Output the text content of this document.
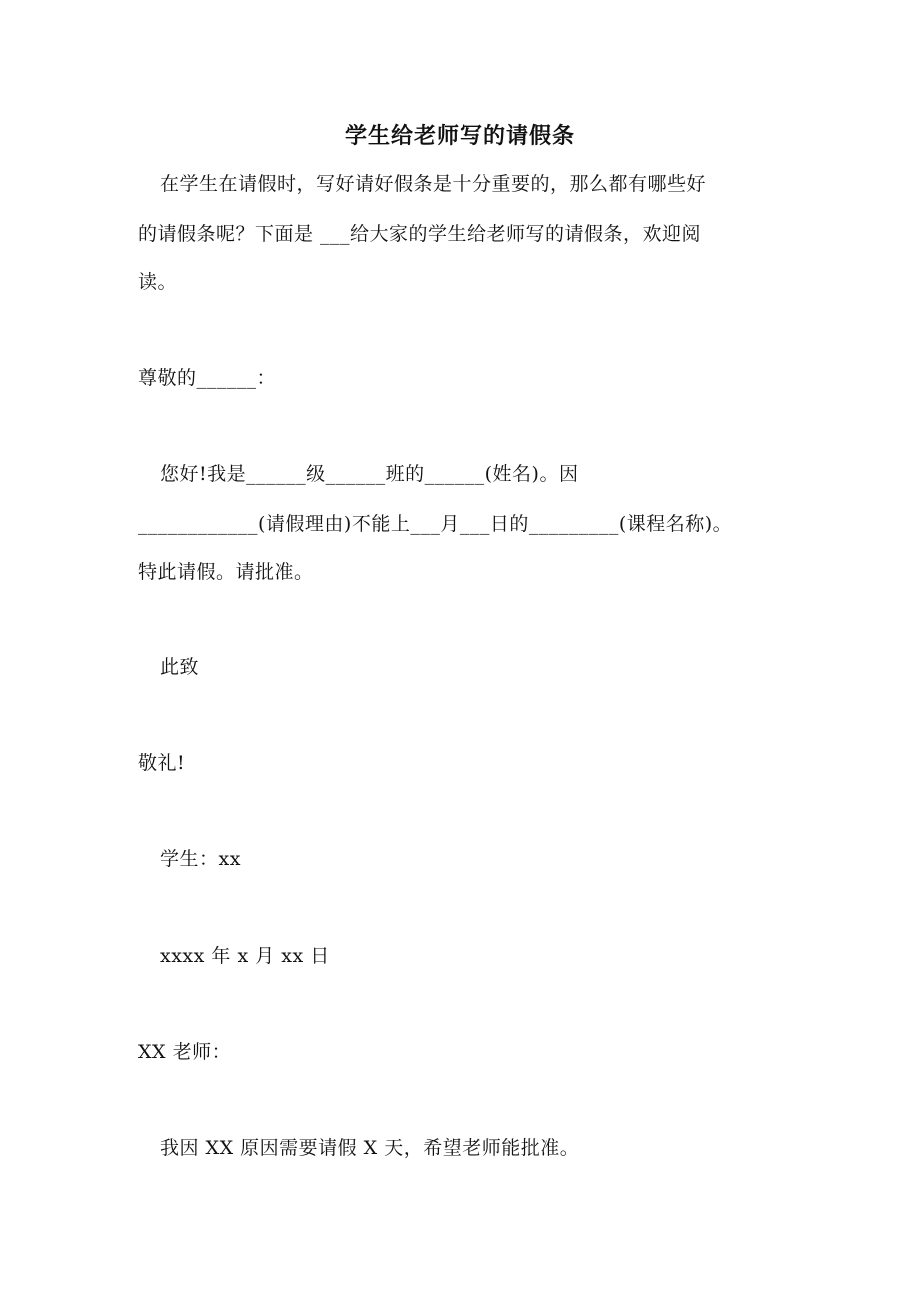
学生给老师写的请假条
在学生在请假时，写好请好假条是十分重要的，那么都有哪些好
的请假条呢？下面是 ___给大家的学生给老师写的请假条，欢迎阅
读。
尊敬的______：
您好!我是______级______班的______(姓名)。因
____________(请假理由)不能上___月___日的_________(课程名称)。
特此请假。请批准。
此致
敬礼!
学生：xx
xxxx 年 x 月 xx 日
XX 老师：
我因 XX 原因需要请假 X 天，希望老师能批准。
